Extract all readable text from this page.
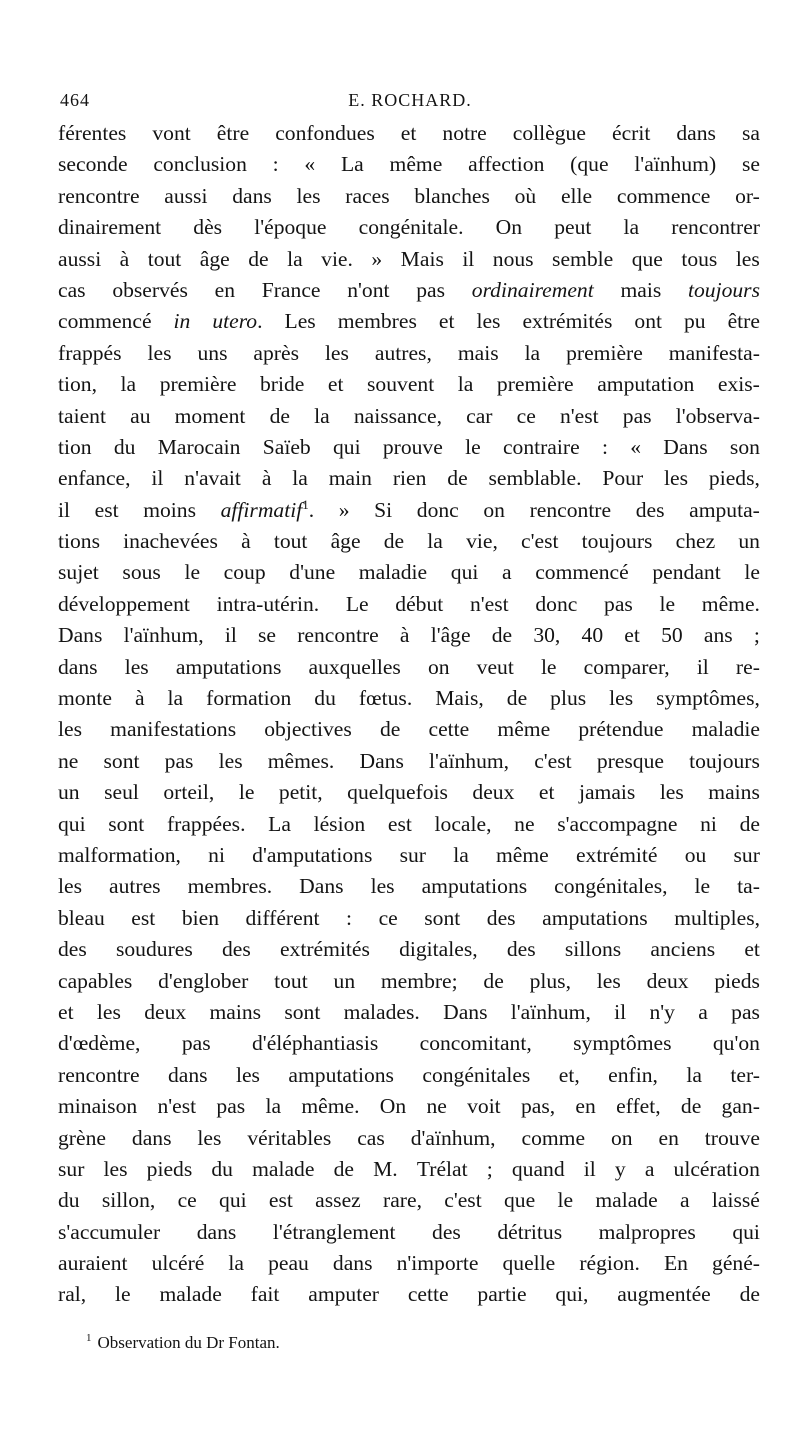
464	E. ROCHARD.
férentes vont être confondues et notre collègue écrit dans sa
seconde conclusion : « La même affection (que l'aïnhum) se
rencontre aussi dans les races blanches où elle commence or-
dinairement dès l'époque congénitale. On peut la rencontrer
aussi à tout âge de la vie. » Mais il nous semble que tous les
cas observés en France n'ont pas ordinairement mais toujours
commencé in utero. Les membres et les extrémités ont pu être
frappés les uns après les autres, mais la première manifesta-
tion, la première bride et souvent la première amputation exis-
taient au moment de la naissance, car ce n'est pas l'observa-
tion du Marocain Saïeb qui prouve le contraire : « Dans son
enfance, il n'avait à la main rien de semblable. Pour les pieds,
il est moins affirmatif$^1$. » Si donc on rencontre des amputa-
tions inachevées à tout âge de la vie, c'est toujours chez un
sujet sous le coup d'une maladie qui a commencé pendant le
développement intra-utérin. Le début n'est donc pas le même.
Dans l'aïnhum, il se rencontre à l'âge de 30, 40 et 50 ans ;
dans les amputations auxquelles on veut le comparer, il re-
monte à la formation du fœtus. Mais, de plus les symptômes,
les manifestations objectives de cette même prétendue maladie
ne sont pas les mêmes. Dans l'aïnhum, c'est presque toujours
un seul orteil, le petit, quelquefois deux et jamais les mains
qui sont frappées. La lésion est locale, ne s'accompagne ni de
malformation, ni d'amputations sur la même extrémité ou sur
les autres membres. Dans les amputations congénitales, le ta-
bleau est bien différent : ce sont des amputations multiples,
des soudures des extrémités digitales, des sillons anciens et
capables d'englober tout un membre; de plus, les deux pieds
et les deux mains sont malades. Dans l'aïnhum, il n'y a pas
d'œdème, pas d'éléphantiasis concomitant, symptômes qu'on
rencontre dans les amputations congénitales et, enfin, la ter-
minaison n'est pas la même. On ne voit pas, en effet, de gan-
grène dans les véritables cas d'aïnhum, comme on en trouve
sur les pieds du malade de M. Trélat ; quand il y a ulcération
du sillon, ce qui est assez rare, c'est que le malade a laissé
s'accumuler dans l'étranglement des détritus malpropres qui
auraient ulcéré la peau dans n'importe quelle région. En géné-
ral, le malade fait amputer cette partie qui, augmentée de
$^1$ Observation du Dr Fontan.
